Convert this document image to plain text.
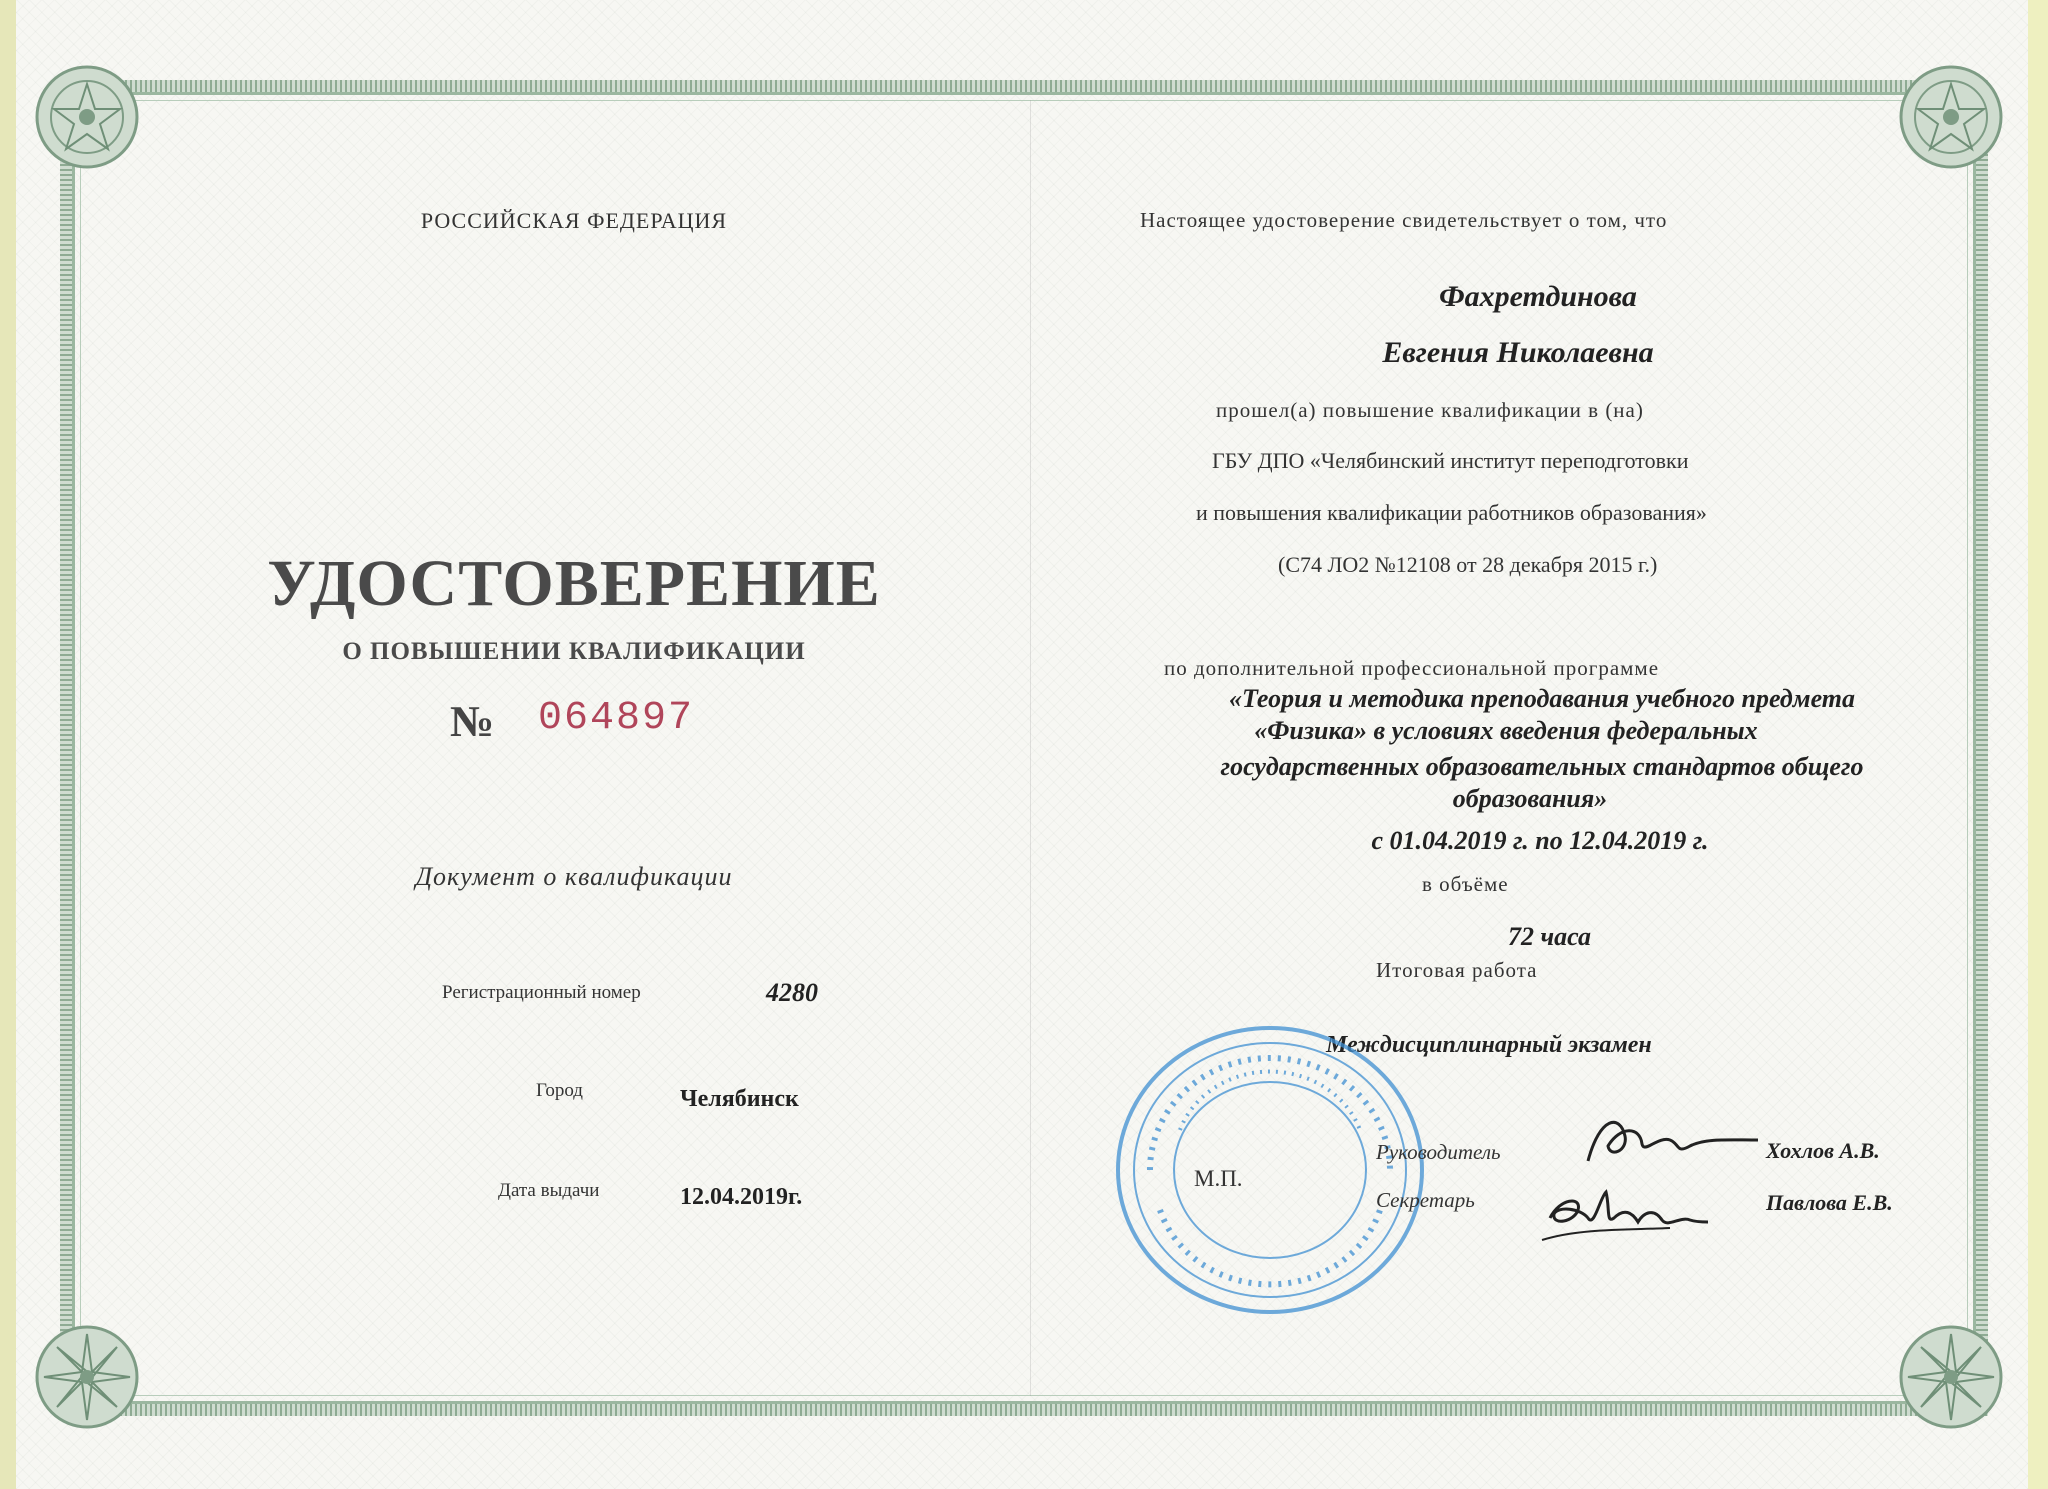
РОССИЙСКАЯ ФЕДЕРАЦИЯ
УДОСТОВЕРЕНИЕ
О ПОВЫШЕНИИ КВАЛИФИКАЦИИ
№ 064897
Документ о квалификации
Регистрационный номер	4280
Город	Челябинск
Дата выдачи	12.04.2019г.
Настоящее удостоверение свидетельствует о том, что
Фахретдинова
Евгения Николаевна
прошел(а) повышение квалификации в (на)
ГБУ ДПО «Челябинский институт переподготовки
и повышения квалификации работников образования»
(С74 ЛО2 №12108 от 28 декабря 2015 г.)
по дополнительной профессиональной программе
«Теория и методика преподавания учебного предмета
«Физика» в условиях введения федеральных
государственных образовательных стандартов общего
образования»
с 01.04.2019 г. по 12.04.2019 г.
в объёме
72 часа
Итоговая работа
Междисциплинарный экзамен
М.П.
Руководитель	Хохлов А.В.
Секретарь	Павлова Е.В.
